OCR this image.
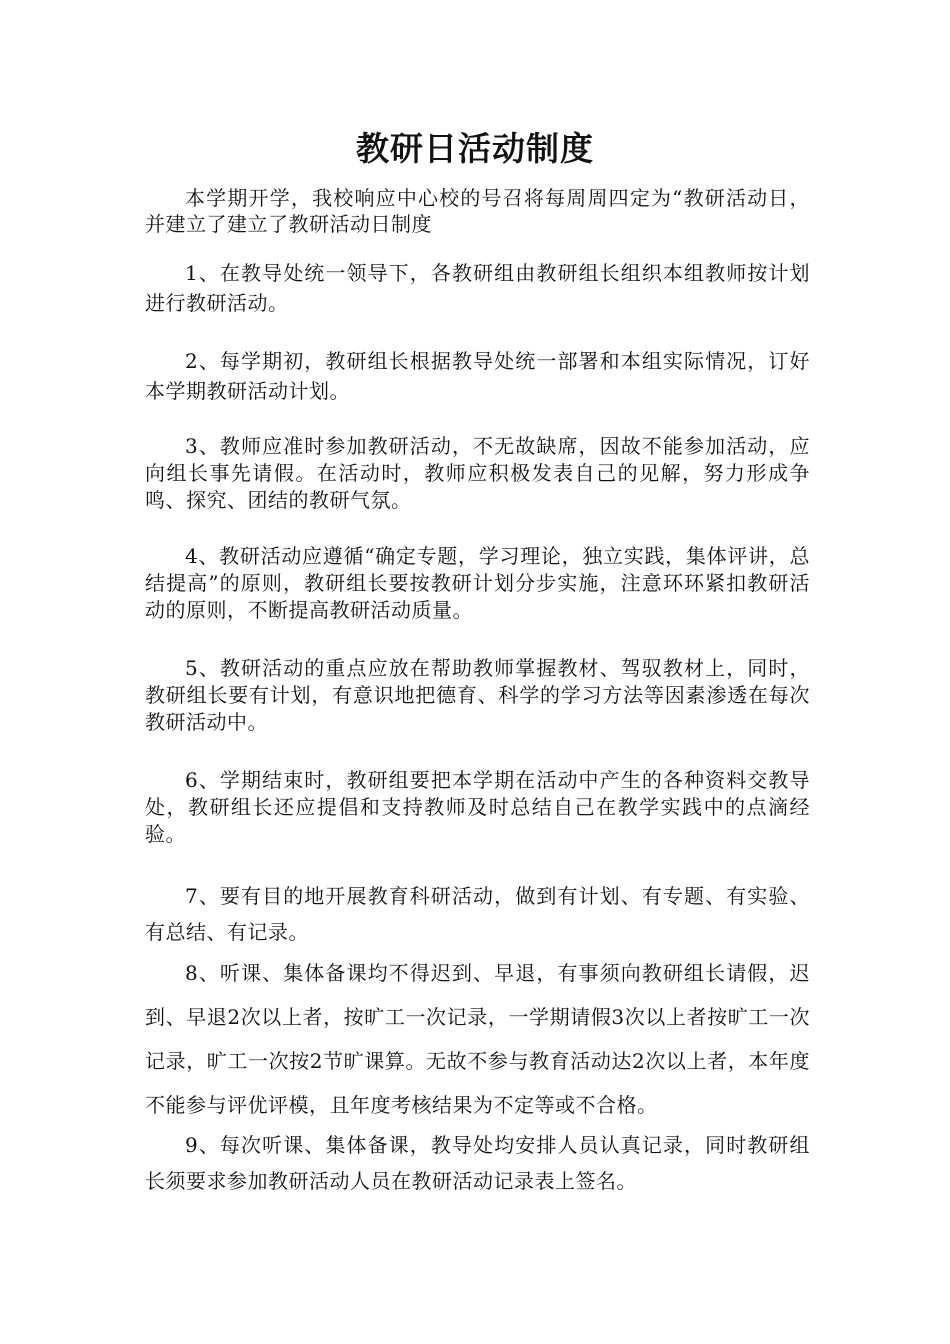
教研日活动制度

本学期开学，我校响应中心校的号召将每周周四定为“教研活动日，并建立了建立了教研活动日制度

1、在教导处统一领导下，各教研组由教研组长组织本组教师按计划进行教研活动。

2、每学期初，教研组长根据教导处统一部署和本组实际情况，订好本学期教研活动计划。

3、教师应准时参加教研活动，不无故缺席，因故不能参加活动，应向组长事先请假。在活动时，教师应积极发表自己的见解，努力形成争鸣、探究、团结的教研气氛。

4、教研活动应遵循“确定专题，学习理论，独立实践，集体评讲，总结提高”的原则，教研组长要按教研计划分步实施，注意环环紧扣教研活动的原则，不断提高教研活动质量。

5、教研活动的重点应放在帮助教师掌握教材、驾驭教材上，同时，教研组长要有计划，有意识地把德育、科学的学习方法等因素渗透在每次教研活动中。

6、学期结束时，教研组要把本学期在活动中产生的各种资料交教导处，教研组长还应提倡和支持教师及时总结自己在教学实践中的点滴经验。

7、要有目的地开展教育科研活动，做到有计划、有专题、有实验、有总结、有记录。

8、听课、集体备课均不得迟到、早退，有事须向教研组长请假，迟到、早退2次以上者，按旷工一次记录，一学期请假3次以上者按旷工一次记录，旷工一次按2节旷课算。无故不参与教育活动达2次以上者，本年度不能参与评优评模，且年度考核结果为不定等或不合格。

9、每次听课、集体备课，教导处均安排人员认真记录，同时教研组长须要求参加教研活动人员在教研活动记录表上签名。
